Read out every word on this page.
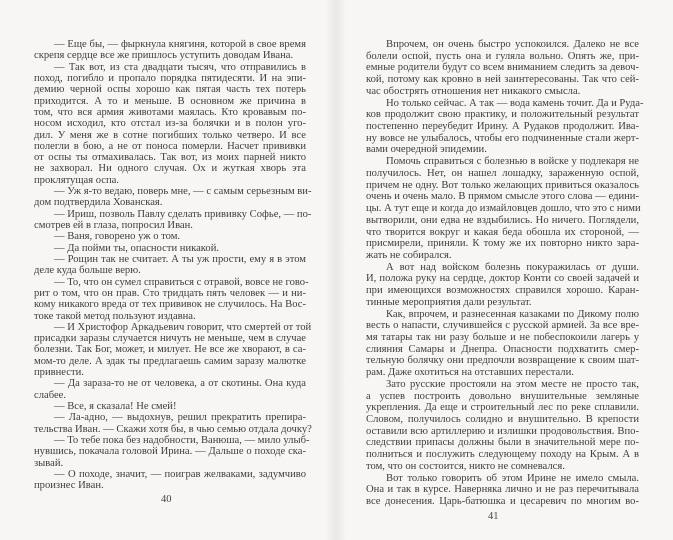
— Еще бы, — фыркнула княгиня, которой в свое время
скрепя сердце все же пришлось уступить доводам Ивана.
— Так вот, из ста двадцати тысяч, что отправились в
поход, погибло и пропало порядка пятидесяти. И на эпи-
демию черной оспы хорошо как пятая часть тех потерь
приходится. А то и меньше. В основном же причина в
том, что вся армия животами маялась. Кто кровавым по-
носом исходил, кто отстал из-за болячки и в полон уго-
дил. У меня же в сотне погибших только четверо. И все
полегли в бою, а не от поноса померли. Насчет прививки
от оспы ты отмахивалась. Так вот, из моих парней никто
не захворал. Ни одного случая. Ох и жуткая хворь эта
проклятущая оспа.
— Уж я-то ведаю, поверь мне, — с самым серьезным ви-
дом подтвердила Хованская.
— Ириш, позволь Павлу сделать прививку Софье, — по-
смотрев ей в глаза, попросил Иван.
— Ваня, говорено уж о том.
— Да пойми ты, опасности никакой.
— Рощин так не считает. А ты уж прости, ему я в этом
деле куда больше верю.
— То, что он сумел справиться с отравой, вовсе не гово-
рит о том, что он прав. Сто тридцать пять человек — и ни-
кому никакого вреда от тех прививок не случилось. На Вос-
токе такой метод пользуют издавна.
— И Христофор Аркадьевич говорит, что смертей от той
присадки заразы случается ничуть не меньше, чем в случае
болезни. Так Бог, может, и милует. Не все же хворают, в са-
мом-то деле. А эдак ты предлагаешь самим заразу малютке
привнести.
— Да зараза-то не от человека, а от скотины. Она куда
слабее.
— Все, я сказала! Не смей!
— Ла-адно, — выдохнув, решил прекратить препира-
тельства Иван. — Скажи хотя бы, в чью семью отдала дочку?
— То тебе пока без надобности, Ванюша, — мило улыб-
нувшись, покачала головой Ирина. — Дальше о походе ска-
зывай.
— О походе, значит, — поиграв желваками, задумчиво
произнес Иван.
40
Впрочем, он очень быстро успокоился. Далеко не все
болели оспой, пусть она и гуляла вольно. Опять же, при-
емные родители будут со всем вниманием следить за девоч-
кой, потому как кровно в ней заинтересованы. Так что сей-
час обострять отношения нет никакого смысла.
Но только сейчас. А так — вода камень точит. Да и Руда-
ков продолжит свою практику, и положительный результат
постепенно переубедит Ирину. А Рудаков продолжит. Ива-
ну вовсе не улыбалось, чтобы его подчиненные стали жерт-
вами очередной эпидемии.
Помочь справиться с болезнью в войске у подлекаря не
получилось. Нет, он нашел лошадку, зараженную оспой,
причем не одну. Вот только желающих привиться оказалось
очень и очень мало. В прямом смысле этого слова — едини-
цы. А тут еще и когда до измайловцев дошло, что это с ними
вытворили, они едва не вздыбились. Но ничего. Поглядели,
что творится вокруг и какая беда обошла их стороной, —
присмирели, приняли. К тому же их повторно никто зара-
жать не собирался.
А вот над войском болезнь покуражилась от души.
И, положа руку на сердце, доктор Конти со своей задачей и
при имеющихся возможностях справился хорошо. Каран-
тинные мероприятия дали результат.
Как, впрочем, и разнесенная казаками по Дикому полю
весть о напасти, случившейся с русской армией. За все вре-
мя татары так ни разу больше и не побеспокоили лагерь у
слияния Самары и Днепра. Опасности подхватить смер-
тельную болячку они предпочли возвращение к своим шат-
рам. Даже охотиться на отставших перестали.
Зато русские простояли на этом месте не просто так,
а успев построить довольно внушительные земляные
укрепления. Да еще и строительный лес по реке сплавили.
Словом, получилось солидно и внушительно. В крепости
оставили всю артиллерию и излишки продовольствия. Впо-
следствии припасы должны были в значительной мере по-
полниться и послужить следующему походу на Крым. А в
том, что он состоится, никто не сомневался.
Вот только говорить об этом Ирине не имело смыла.
Она и так в курсе. Наверняка лично и не раз перечитывала
все донесения. Царь-батюшка и цесаревич по многим во-
41
